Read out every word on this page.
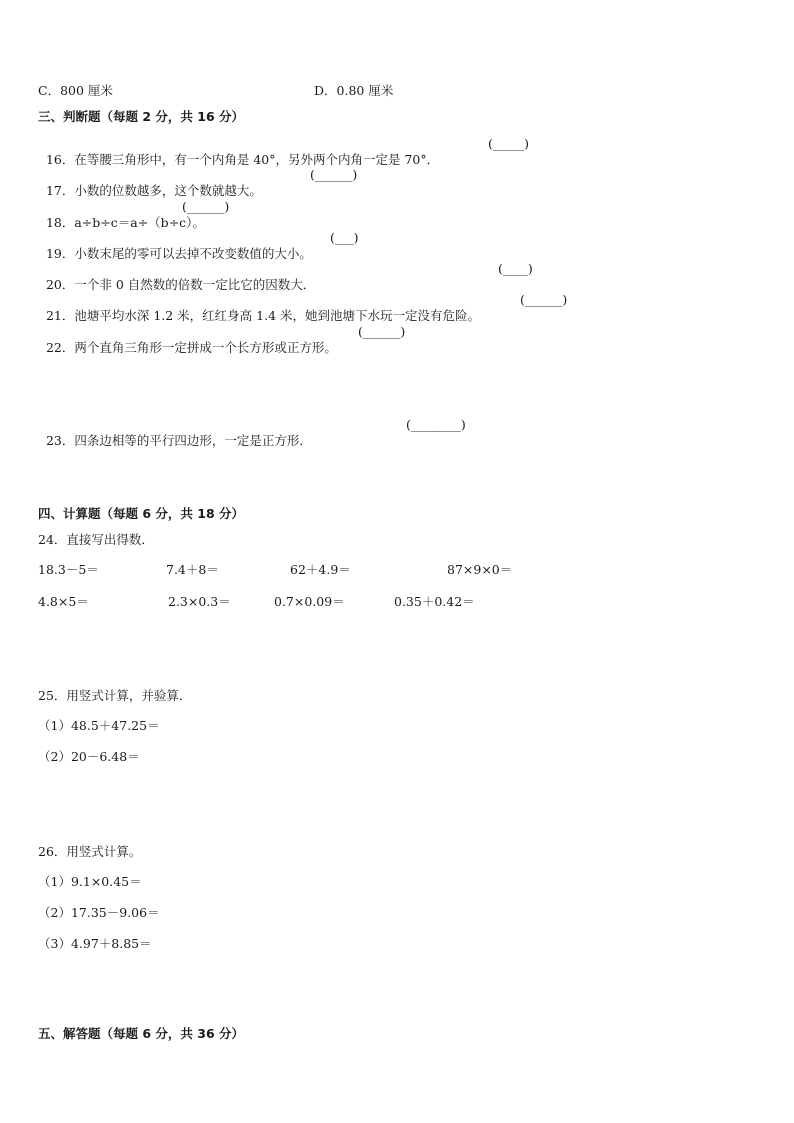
C．800 厘米	D．0.80 厘米
三、判断题（每题 2 分，共 16 分）

16．在等腰三角形中，有一个内角是 40°，另外两个内角一定是 70°．

(_____)

17．小数的位数越多，这个数就越大。

(______)

18．a÷b÷c＝a÷（b÷c）。

(______)

19．小数末尾的零可以去掉不改变数值的大小。

(___)

20．一个非 0 自然数的倍数一定比它的因数大．

(____)

21．池塘平均水深 1.2 米，红红身高 1.4 米，她到池塘下水玩一定没有危险。

(______)

22．两个直角三角形一定拼成一个长方形或正方形。

(______)

23．四条边相等的平行四边形，一定是正方形．

(________)
四、计算题（每题 6 分，共 18 分）
24．直接写出得数．
18.3－5＝	7.4＋8＝	62＋4.9＝	87×9×0＝
4.8×5＝	2.3×0.3＝	0.7×0.09＝	0.35＋0.42＝
25．用竖式计算，并验算．
（1）48.5＋47.25＝
（2）20－6.48＝
26．用竖式计算。
（1）9.1×0.45＝
（2）17.35－9.06＝
（3）4.97＋8.85＝
五、解答题（每题 6 分，共 36 分）
